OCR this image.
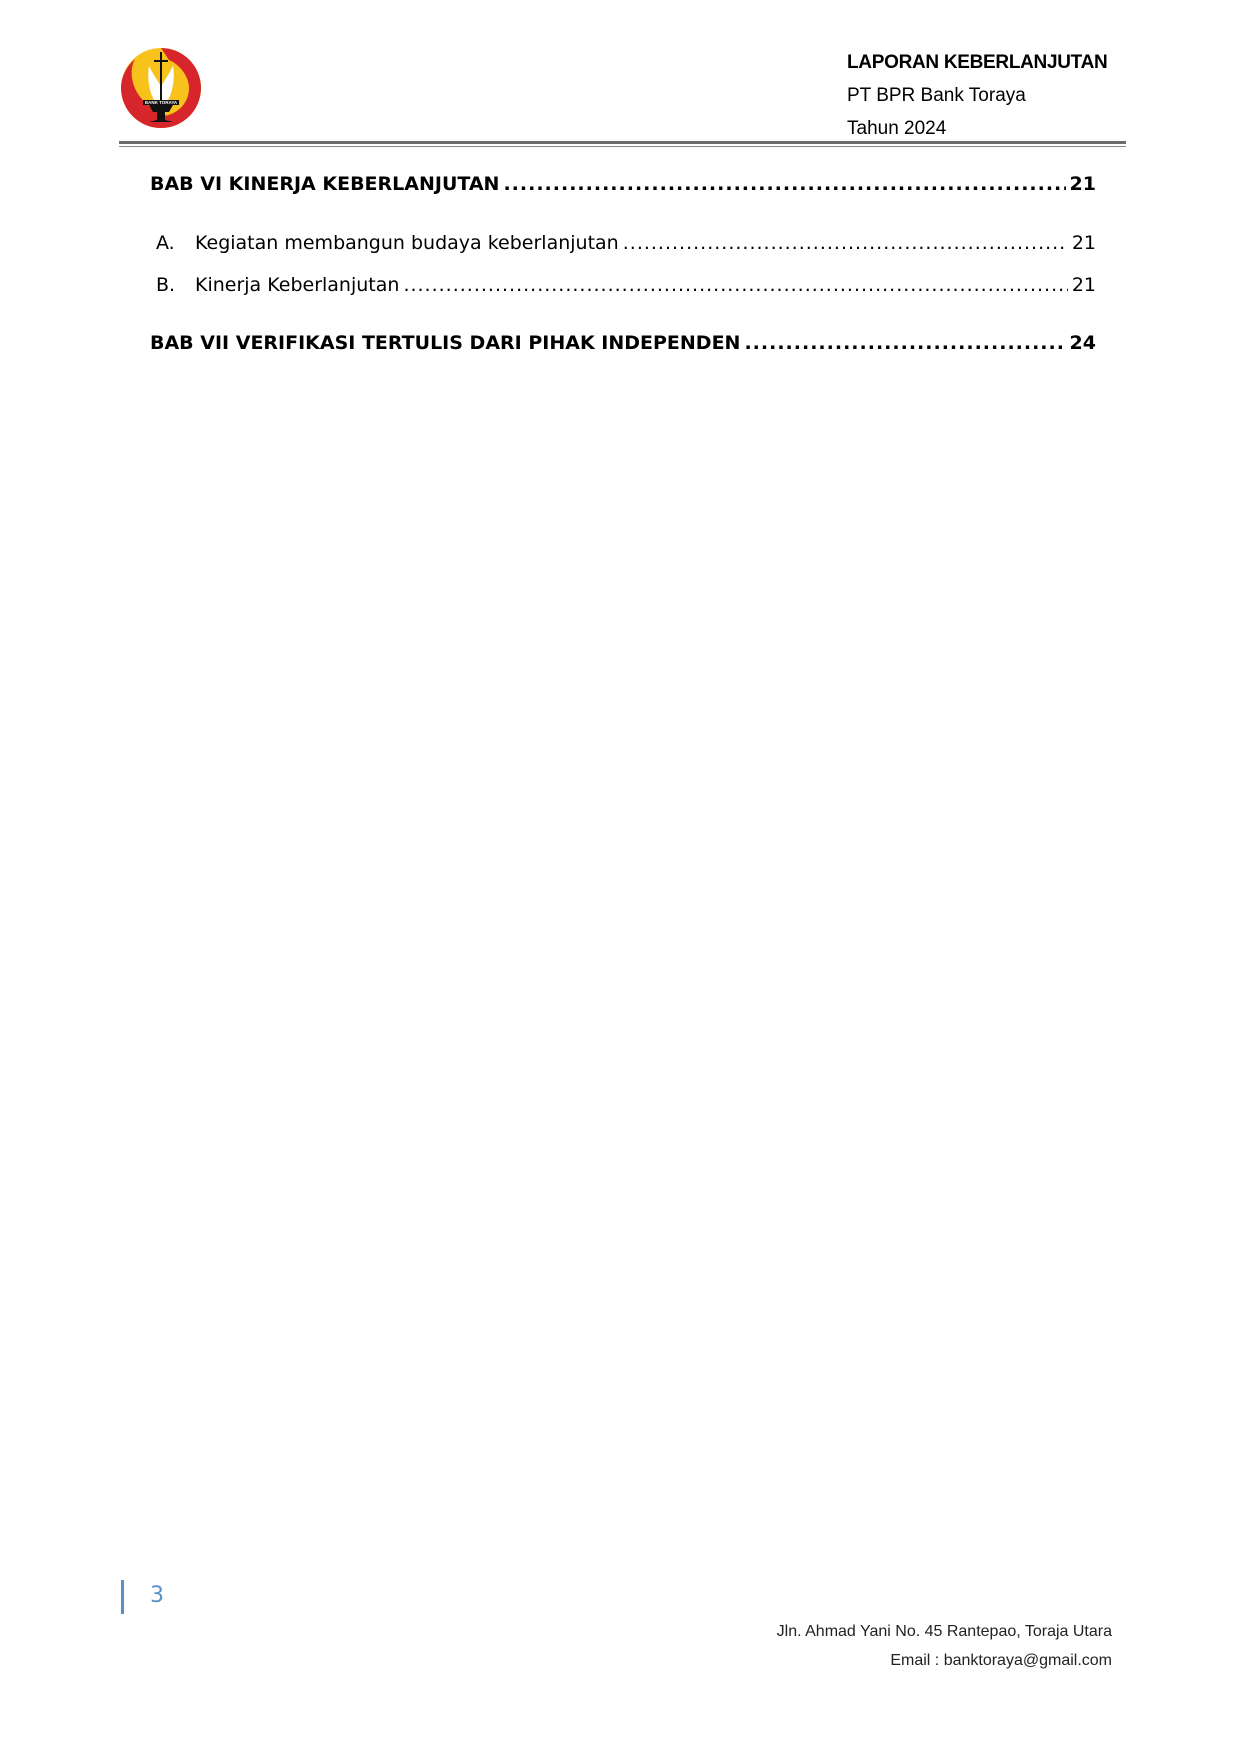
BANK TORAYA
LAPORAN KEBERLANJUTAN
PT BPR Bank Toraya
Tahun 2024
BAB VI KINERJA KEBERLANJUTAN .....	21
A.	Kegiatan membangun budaya keberlanjutan .....	21
B.	Kinerja Keberlanjutan .....	21
BAB VII VERIFIKASI TERTULIS DARI PIHAK INDEPENDEN .....	24
3
Jln. Ahmad Yani No. 45 Rantepao, Toraja Utara
Email : banktoraya@gmail.com
